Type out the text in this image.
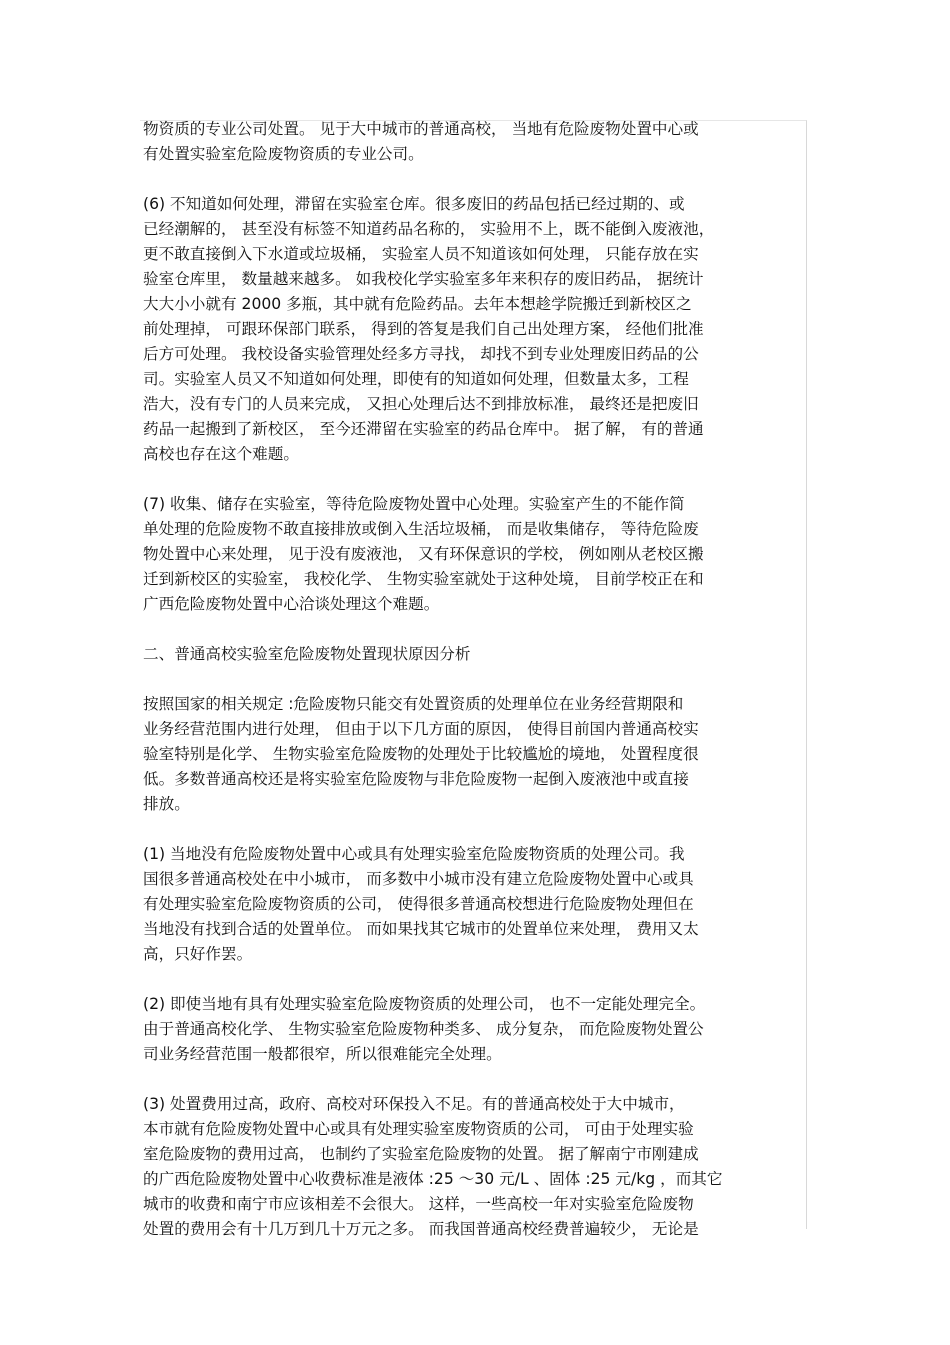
物资质的专业公司处置。 见于大中城市的普通高校， 当地有危险废物处置中心或
有处置实验室危险废物资质的专业公司。
(6) 不知道如何处理，滞留在实验室仓库。很多废旧的药品包括已经过期的、或
已经潮解的， 甚至没有标签不知道药品名称的， 实验用不上，既不能倒入废液池，
更不敢直接倒入下水道或垃圾桶， 实验室人员不知道该如何处理， 只能存放在实
验室仓库里， 数量越来越多。 如我校化学实验室多年来积存的废旧药品， 据统计
大大小小就有 2000 多瓶，其中就有危险药品。去年本想趁学院搬迁到新校区之
前处理掉， 可跟环保部门联系， 得到的答复是我们自己出处理方案， 经他们批准
后方可处理。 我校设备实验管理处经多方寻找， 却找不到专业处理废旧药品的公
司。实验室人员又不知道如何处理，即使有的知道如何处理，但数量太多，工程
浩大，没有专门的人员来完成， 又担心处理后达不到排放标准， 最终还是把废旧
药品一起搬到了新校区， 至今还滞留在实验室的药品仓库中。 据了解， 有的普通
高校也存在这个难题。
(7) 收集、储存在实验室，等待危险废物处置中心处理。实验室产生的不能作简
单处理的危险废物不敢直接排放或倒入生活垃圾桶， 而是收集储存， 等待危险废
物处置中心来处理， 见于没有废液池， 又有环保意识的学校， 例如刚从老校区搬
迁到新校区的实验室， 我校化学、 生物实验室就处于这种处境， 目前学校正在和
广西危险废物处置中心洽谈处理这个难题。
二、普通高校实验室危险废物处置现状原因分析
按照国家的相关规定 :危险废物只能交有处置资质的处理单位在业务经营期限和
业务经营范围内进行处理， 但由于以下几方面的原因， 使得目前国内普通高校实
验室特别是化学、 生物实验室危险废物的处理处于比较尴尬的境地， 处置程度很
低。多数普通高校还是将实验室危险废物与非危险废物一起倒入废液池中或直接
排放。
(1) 当地没有危险废物处置中心或具有处理实验室危险废物资质的处理公司。我
国很多普通高校处在中小城市， 而多数中小城市没有建立危险废物处置中心或具
有处理实验室危险废物资质的公司， 使得很多普通高校想进行危险废物处理但在
当地没有找到合适的处置单位。 而如果找其它城市的处置单位来处理， 费用又太
高，只好作罢。
(2) 即使当地有具有处理实验室危险废物资质的处理公司， 也不一定能处理完全。
由于普通高校化学、 生物实验室危险废物种类多、 成分复杂， 而危险废物处置公
司业务经营范围一般都很窄，所以很难能完全处理。
(3) 处置费用过高，政府、高校对环保投入不足。有的普通高校处于大中城市，
本市就有危险废物处置中心或具有处理实验室废物资质的公司， 可由于处理实验
室危险废物的费用过高， 也制约了实验室危险废物的处置。 据了解南宁市刚建成
的广西危险废物处置中心收费标准是液体 :25 ～30 元/L 、固体 :25 元/kg ，而其它
城市的收费和南宁市应该相差不会很大。 这样，一些高校一年对实验室危险废物
处置的费用会有十几万到几十万元之多。 而我国普通高校经费普遍较少， 无论是
